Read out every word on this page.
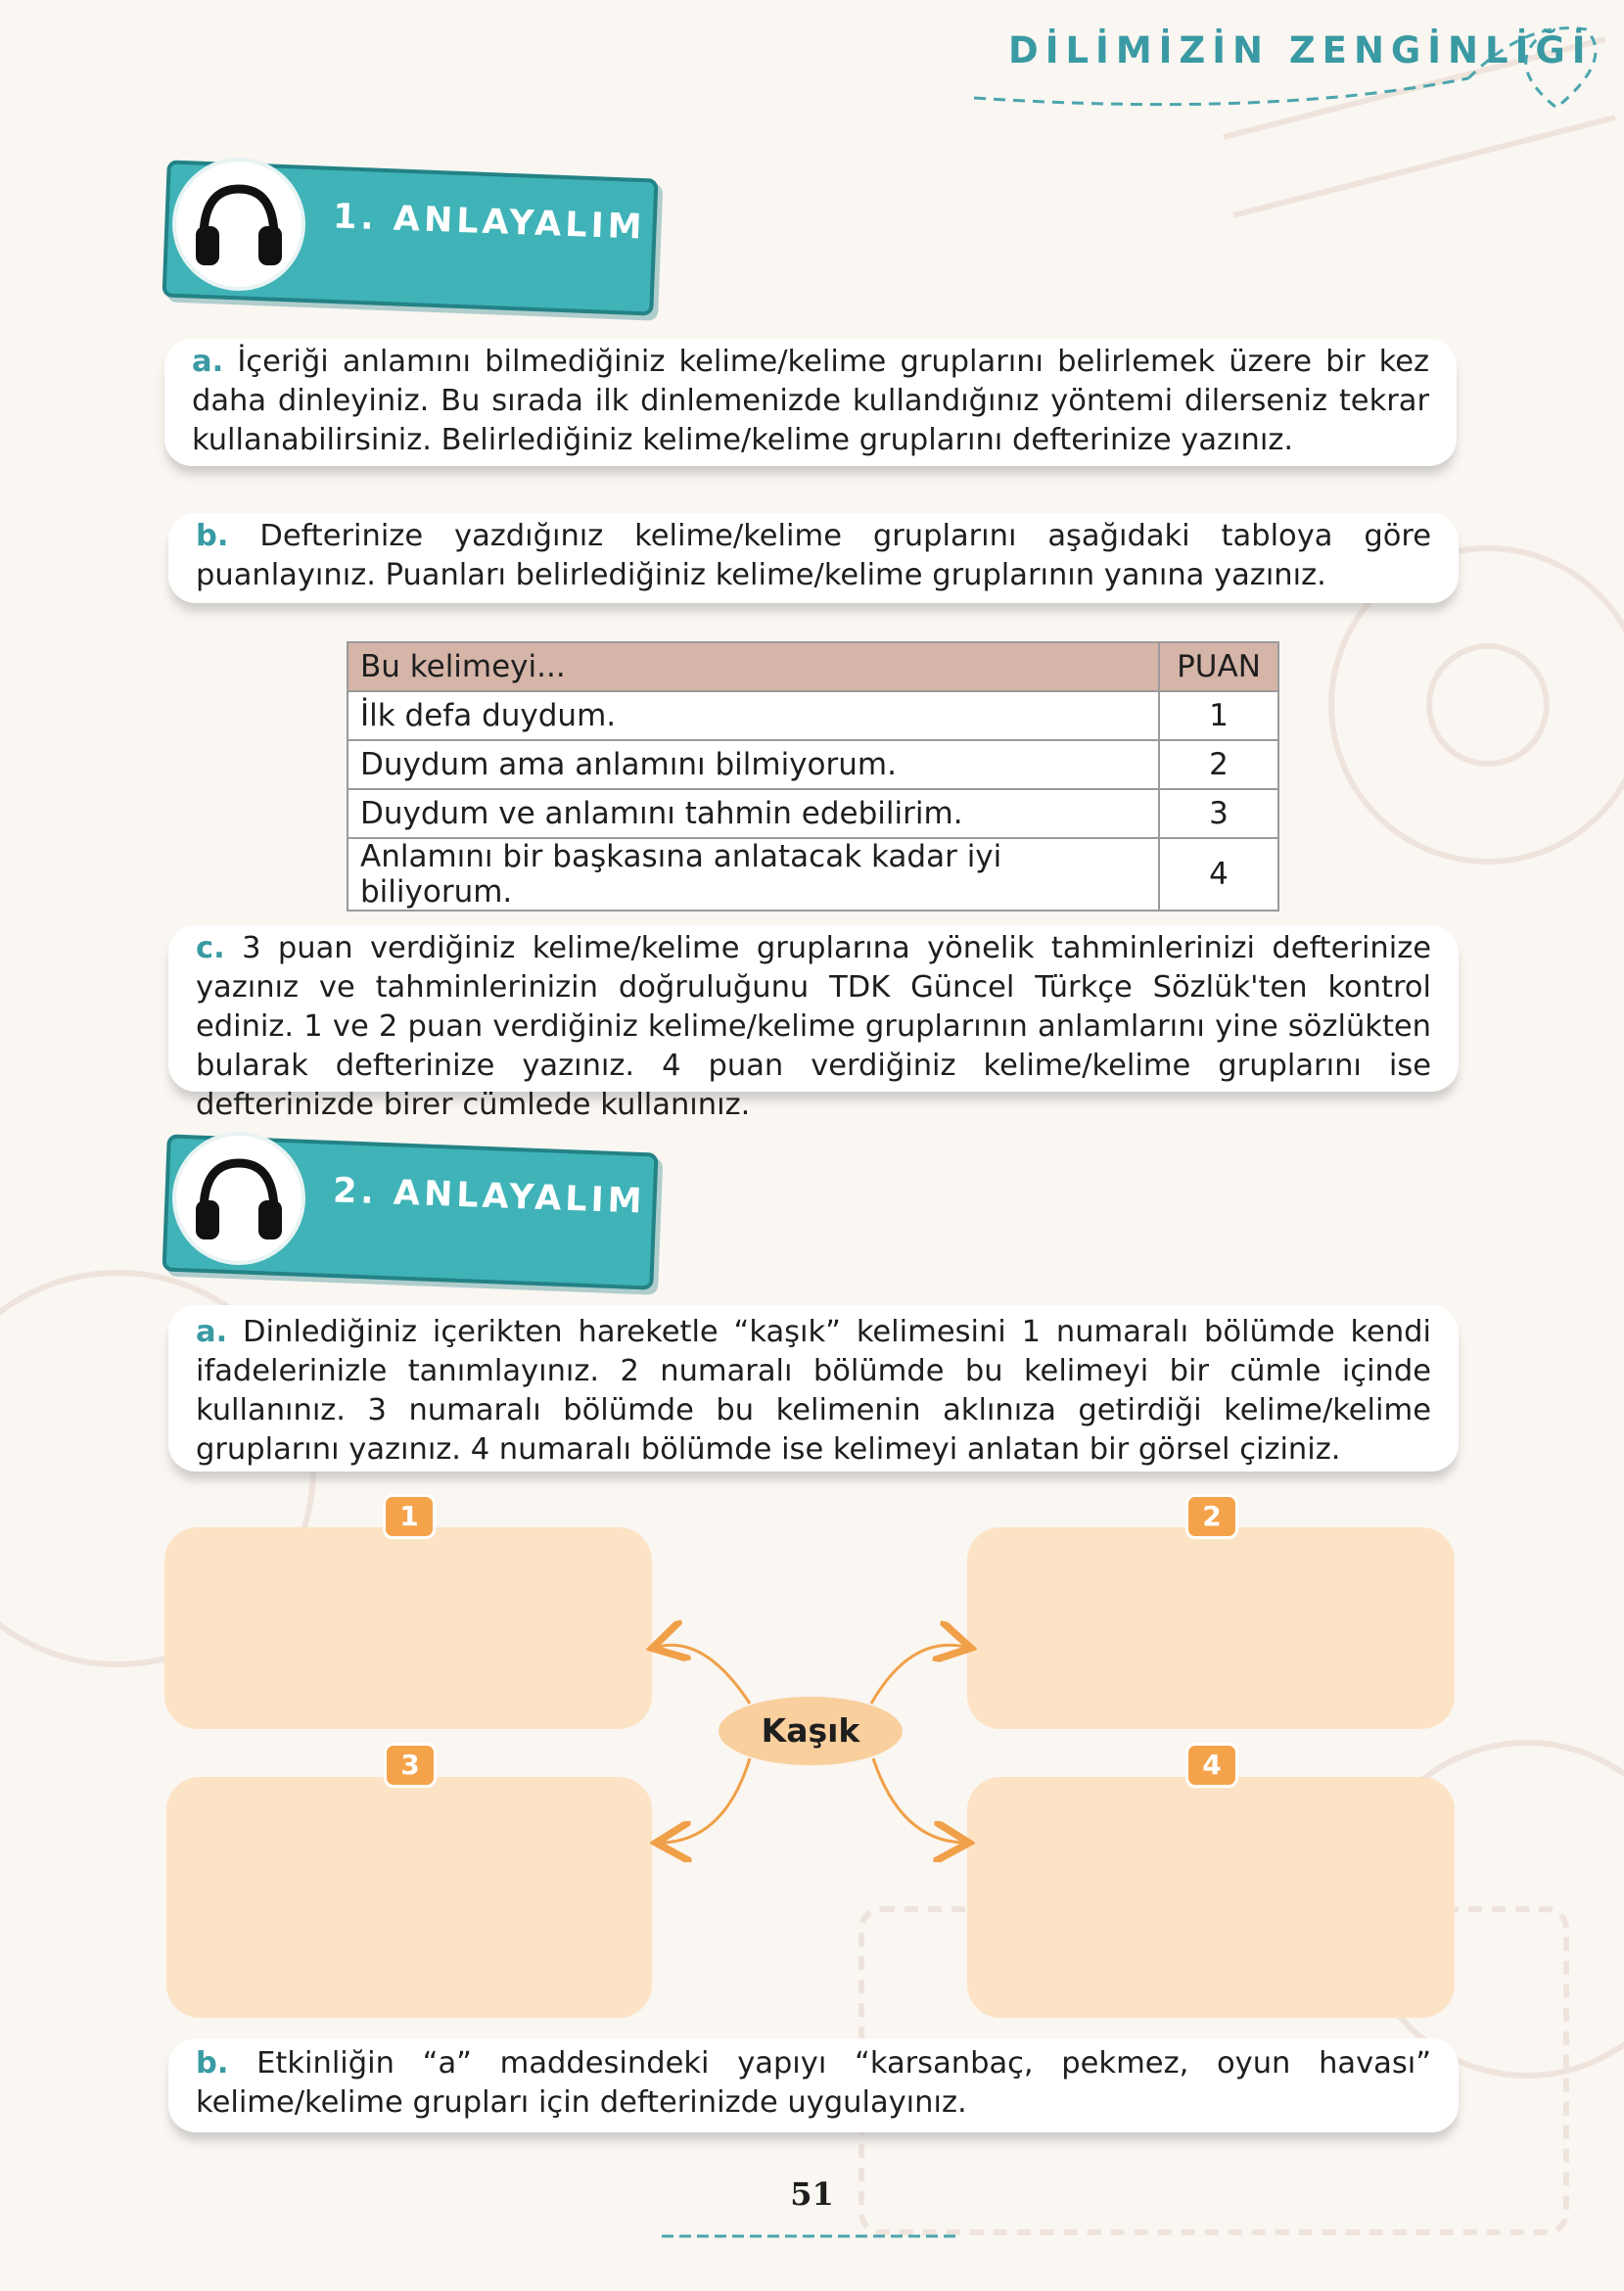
DİLİMİZİN ZENGİNLİĞİ
1. ANLAYALIM
a. İçeriği anlamını bilmediğiniz kelime/kelime gruplarını belirlemek üzere bir kez daha dinleyiniz. Bu sırada ilk dinlemenizde kullandığınız yöntemi dilerseniz tekrar kullanabilirsiniz. Belirlediğiniz kelime/kelime gruplarını defterinize yazınız.
b. Defterinize yazdığınız kelime/kelime gruplarını aşağıdaki tabloya göre puanlayınız. Puanları belirlediğiniz kelime/kelime gruplarının yanına yazınız.
Bu kelimeyi...	PUAN
İlk defa duydum.	1
Duydum ama anlamını bilmiyorum.	2
Duydum ve anlamını tahmin edebilirim.	3
Anlamını bir başkasına anlatacak kadar iyi biliyorum.	4
c. 3 puan verdiğiniz kelime/kelime gruplarına yönelik tahminlerinizi defterinize yazınız ve tahminlerinizin doğruluğunu TDK Güncel Türkçe Sözlük'ten kontrol ediniz. 1 ve 2 puan verdiğiniz kelime/kelime gruplarının anlamlarını yine sözlükten bularak defterinize yazınız. 4 puan verdiğiniz kelime/kelime gruplarını ise defterinizde birer cümlede kullanınız.
2. ANLAYALIM
a. Dinlediğiniz içerikten hareketle “kaşık” kelimesini 1 numaralı bölümde kendi ifadelerinizle tanımlayınız. 2 numaralı bölümde bu kelimeyi bir cümle içinde kullanınız. 3 numaralı bölümde bu kelimenin aklınıza getirdiği kelime/kelime gruplarını yazınız. 4 numaralı bölümde ise kelimeyi anlatan bir görsel çiziniz.
1	2
3	4
Kaşık
b. Etkinliğin “a” maddesindeki yapıyı “karsanbaç, pekmez, oyun havası” kelime/kelime grupları için defterinizde uygulayınız.
51
